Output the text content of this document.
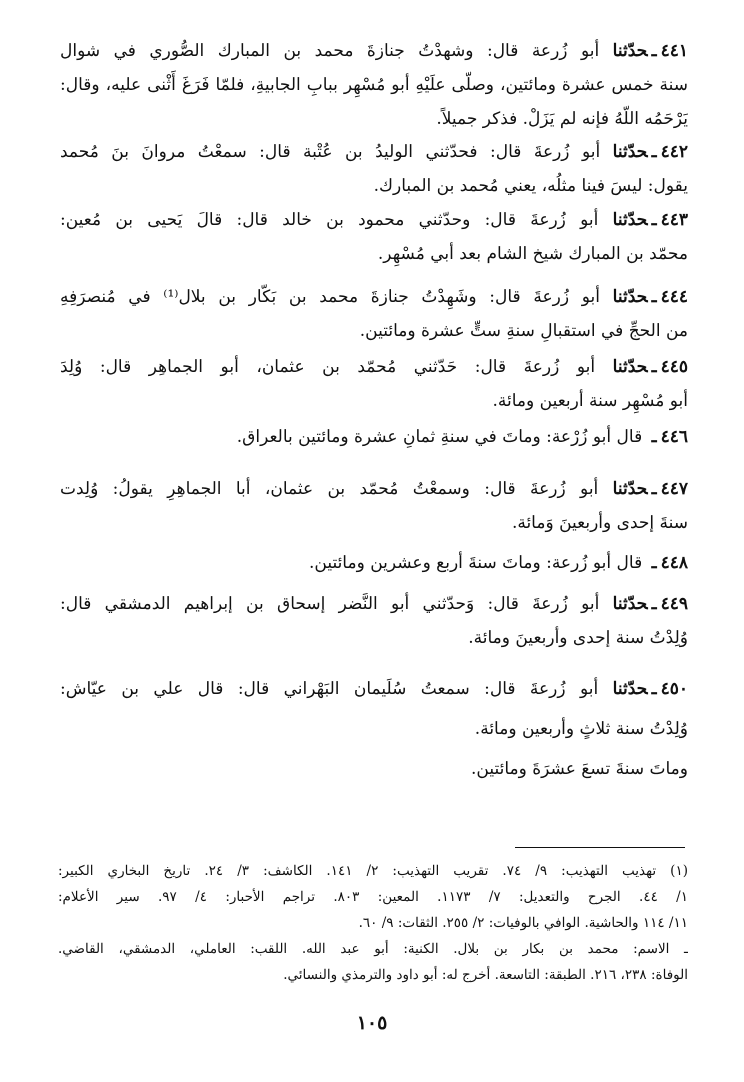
٤٤١ـحدّثنا أبو زُرعة قال: وشهدْتُ جنازةَ محمد بن المبارك الصُّوري في شوال
سنة خمس عشرة ومائتين، وصلّى علَيْهِ أبو مُسْهِر ببابِ الجابيةِ، فلمّا فَرَغَ أَثْنى عليه، وقال:
يَرْحَمُه اللّهُ فإنه لم يَزَلْ. فذكر جميلاً.
٤٤٢ـحدّثنا أبو زُرعةَ قال: فحدّثني الوليدُ بن عُتْبة قال: سمعْتُ مروانَ بنَ مُحمد
يقول: ليسَ فينا مثلُه، يعني مُحمد بن المبارك.
٤٤٣ـحدّثنا أبو زُرعةَ قال: وحدّثني محمود بن خالد قال: قالَ يَحيى بن مُعين:
محمّد بن المبارك شيخ الشام بعد أبي مُسْهِر.
٤٤٤ـحدّثنا أبو زُرعةَ قال: وشَهِدْتُ جنازةَ محمد بن بَكّار بن بلال⁽¹⁾ في مُنصرَفِهِ
من الحجِّ في استقبالِ سنةِ ستٍّ عشرة ومائتين.
٤٤٥ـحدّثنا أبو زُرعةَ قال: حَدّثني مُحمّد بن عثمان، أبو الجماهِر قال: وُلِدَ
أبو مُسْهِر سنة أربعين ومائة.
٤٤٦ـ قال أبو زُرْعة: وماتَ في سنةِ ثمانِ عشرة ومائتين بالعراق.
٤٤٧ـحدّثنا أبو زُرعةَ قال: وسمعْتُ مُحمّد بن عثمان، أبا الجماهِرِ يقولُ: وُلِدت
سنةَ إحدى وأربعينَ وَمائة.
٤٤٨ـ قال أبو زُرعة: وماتَ سنةَ أربع وعشرين ومائتين.
٤٤٩ـحدّثنا أبو زُرعةَ قال: وَحدّثني أبو النَّضر إسحاق بن إبراهيم الدمشقي قال:
وُلِدْتُ سنة إحدى وأربعينَ ومائة.
٤٥٠ـحدّثنا أبو زُرعةَ قال: سمعتُ سُلَيمان البَهْراني قال: قال علي بن عيّاش:
وُلِدْتُ سنة ثلاثٍ وأربعين ومائة.
وماتَ سنةَ تسعَ عشرَةَ ومائتين.
(١) تهذيب التهذيب: ٩/ ٧٤. تقريب التهذيب: ٢/ ١٤١. الكاشف: ٣/ ٢٤. تاريخ البخاري الكبير:
١/ ٤٤. الجرح والتعديل: ٧/ ١١٧٣. المعين: ٨٠٣. تراجم الأحبار: ٤/ ٩٧. سير الأعلام:
١١/ ١١٤ والحاشية. الوافي بالوفيات: ٢/ ٢٥٥. الثقات: ٩/ ٦٠.
ـ الاسم: محمد بن بكار بن بلال. الكنية: أبو عبد الله. اللقب: العاملي، الدمشقي، القاضي.
الوفاة: ٢٣٨، ٢١٦. الطبقة: التاسعة. أخرج له: أبو داود والترمذي والنسائي.
١٠٥
